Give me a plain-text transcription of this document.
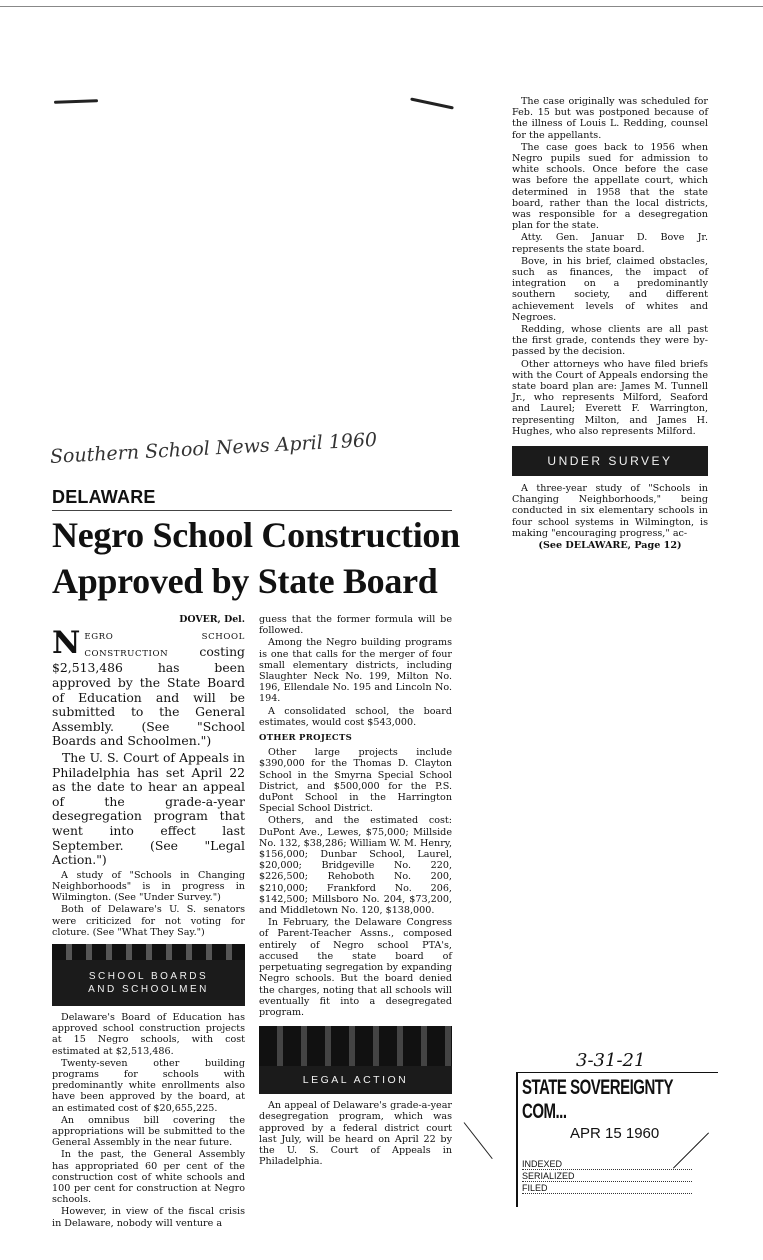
The case originally was scheduled for Feb. 15 but was postponed because of the illness of Louis L. Redding, counsel for the appellants.

The case goes back to 1956 when Negro pupils sued for admission to white schools. Once before the case was before the appellate court, which determined in 1958 that the state board, rather than the local districts, was responsible for a desegregation plan for the state.

Atty. Gen. Januar D. Bove Jr. represents the state board.

Bove, in his brief, claimed obstacles, such as finances, the impact of integration on a predominantly southern society, and different achievement levels of whites and Negroes.

Redding, whose clients are all past the first grade, contends they were by-passed by the decision.

Other attorneys who have filed briefs with the Court of Appeals endorsing the state board plan are: James M. Tunnell Jr., who represents Milford, Seaford and Laurel; Everett F. Warrington, representing Milton, and James H. Hughes, who also represents Milford.

Southern School News April 1960	UNDER SURVEY

A three-year study of "Schools in Changing Neighborhoods," being conducted in six elementary schools in four school systems in Wilmington, is making "encouraging progress," ac-

(See DELAWARE, Page 12)

DELAWARE
Negro School Construction
Approved by State Board
DOVER, Del.

NEGRO SCHOOL CONSTRUCTION	costing $2,513,486 has been approved by the State Board of Education and will be submitted to the General Assembly. (See "School Boards and Schoolmen.")

The U. S. Court of Appeals in Philadelphia has set April 22 as the date to hear an appeal of the grade-a-year desegregation program that went into effect last September. (See "Legal Action.")

A study of "Schools in Changing Neighborhoods" is in progress in Wilmington. (See "Under Survey.")

Both of Delaware's U. S. senators were criticized for not voting for cloture. (See "What They Say.")

SCHOOL BOARDS
AND SCHOOLMEN

Delaware's Board of Education has approved school construction projects at 15 Negro schools, with cost estimated at $2,513,486.

Twenty-seven other building programs for schools with predominantly white enrollments also have been approved by the board, at an estimated cost of $20,655,225.

An omnibus bill covering the appropriations will be submitted to the General Assembly in the near future.

In the past, the General Assembly has appropriated 60 per cent of the construction cost of white schools and 100 per cent for construction at Negro schools.

However, in view of the fiscal crisis in Delaware, nobody will venture a

guess that the former formula will be followed.

Among the Negro building programs is one that calls for the merger of four small elementary districts, including Slaughter Neck No. 199, Milton No. 196, Ellendale No. 195 and Lincoln No. 194.

A consolidated school, the board estimates, would cost $543,000.

OTHER PROJECTS

Other large projects include $390,000 for the Thomas D. Clayton School in the Smyrna Special School District, and $500,000 for the P.S. duPont School in the Harrington Special School District.

Others, and the estimated cost: DuPont Ave., Lewes, $75,000; Millside No. 132, $38,286; William W. M. Henry, $156,000; Dunbar School, Laurel, $20,000; Bridgeville No. 220, $226,500; Rehoboth No. 200, $210,000; Frankford No. 206, $142,500; Millsboro No. 204, $73,200, and Middletown No. 120, $138,000.

In February, the Delaware Congress of Parent-Teacher Assns., composed entirely of Negro school PTA's, accused the state board of perpetuating segregation by expanding Negro schools. But the board denied the charges, noting that all schools will eventually fit into a desegregated program.

LEGAL ACTION

An appeal of Delaware's grade-a-year desegregation program, which was approved by a federal district court last July, will be heard on April 22 by the U. S. Court of Appeals in Philadelphia.

3-31-21
STATE SOVEREIGNTY COM...
APR 15 1960
INDEXED
SERIALIZED
FILED
